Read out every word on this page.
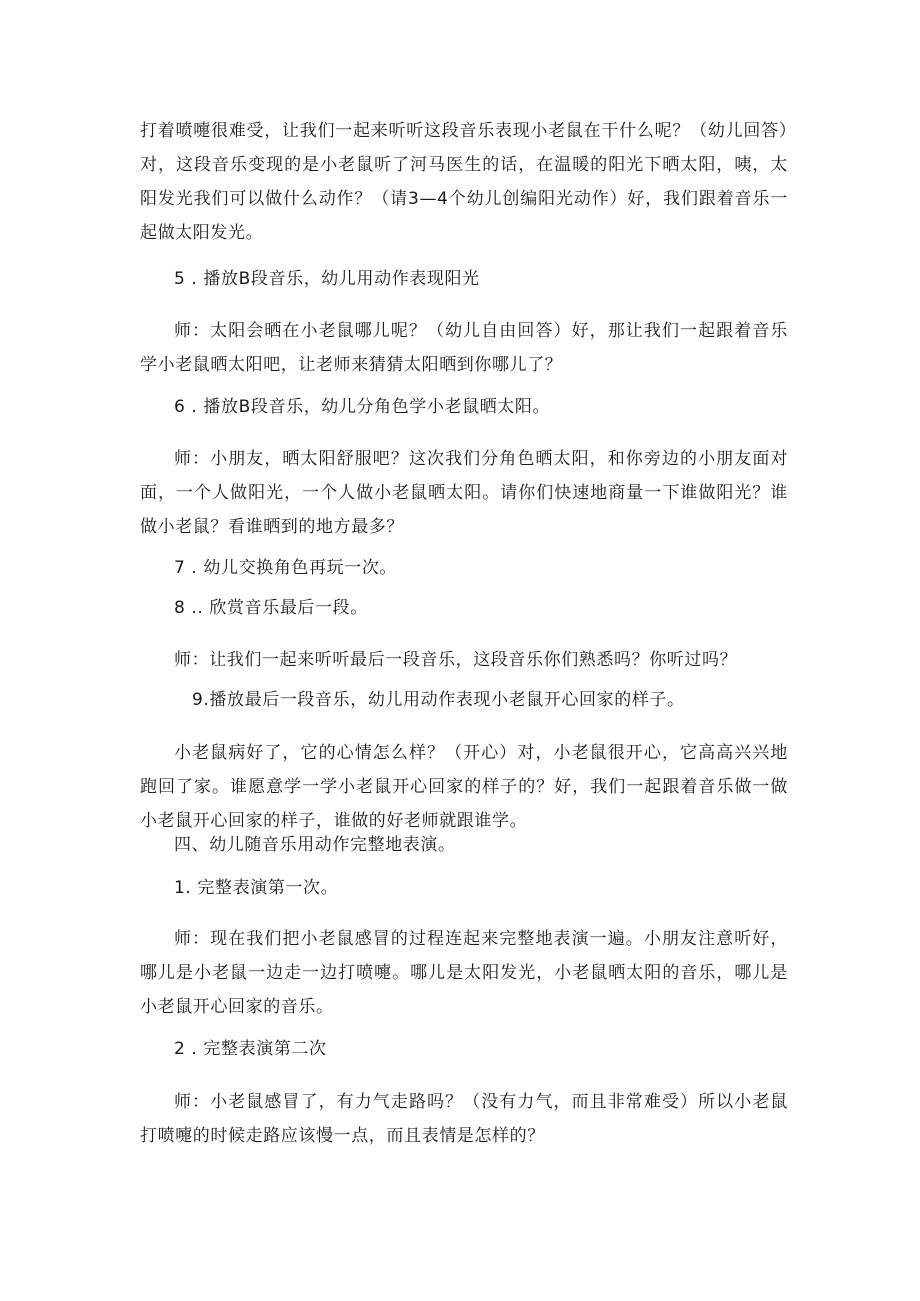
打着喷嚏很难受，让我们一起来听听这段音乐表现小老鼠在干什么呢？（幼儿回答）对，这段音乐变现的是小老鼠听了河马医生的话，在温暖的阳光下晒太阳，咦，太阳发光我们可以做什么动作？（请3—4个幼儿创编阳光动作）好，我们跟着音乐一起做太阳发光。

5 . 播放B段音乐，幼儿用动作表现阳光

师：太阳会晒在小老鼠哪儿呢？（幼儿自由回答）好，那让我们一起跟着音乐学小老鼠晒太阳吧，让老师来猜猜太阳晒到你哪儿了？

6 . 播放B段音乐，幼儿分角色学小老鼠晒太阳。

师：小朋友，晒太阳舒服吧？这次我们分角色晒太阳，和你旁边的小朋友面对面，一个人做阳光，一个人做小老鼠晒太阳。请你们快速地商量一下谁做阳光？谁做小老鼠？看谁晒到的地方最多？

7 . 幼儿交换角色再玩一次。

8 .. 欣赏音乐最后一段。

师：让我们一起来听听最后一段音乐，这段音乐你们熟悉吗？你听过吗？

9.播放最后一段音乐，幼儿用动作表现小老鼠开心回家的样子。

小老鼠病好了，它的心情怎么样？（开心）对，小老鼠很开心，它高高兴兴地跑回了家。谁愿意学一学小老鼠开心回家的样子的？好，我们一起跟着音乐做一做小老鼠开心回家的样子，谁做的好老师就跟谁学。

四、幼儿随音乐用动作完整地表演。

1. 完整表演第一次。

师：现在我们把小老鼠感冒的过程连起来完整地表演一遍。小朋友注意听好，哪儿是小老鼠一边走一边打喷嚏。哪儿是太阳发光，小老鼠晒太阳的音乐，哪儿是小老鼠开心回家的音乐。

2 . 完整表演第二次

师：小老鼠感冒了，有力气走路吗？（没有力气，而且非常难受）所以小老鼠打喷嚏的时候走路应该慢一点，而且表情是怎样的？
